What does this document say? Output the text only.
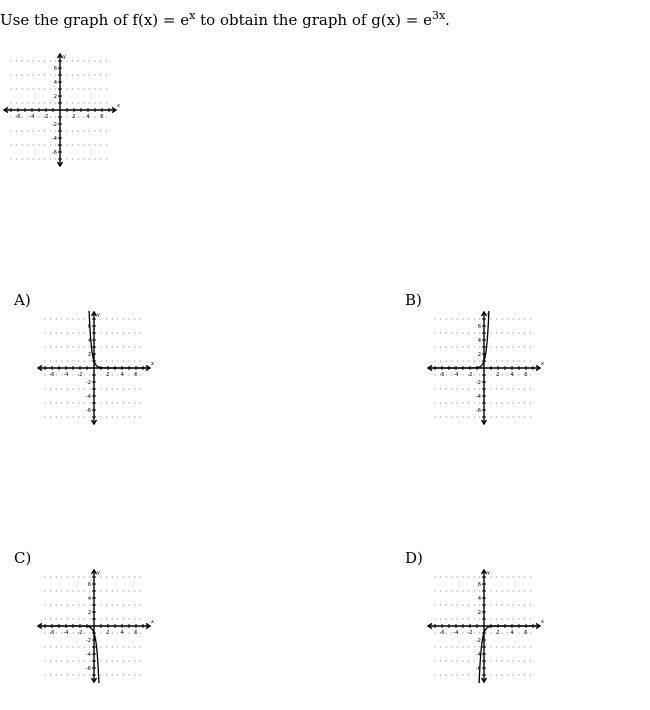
Use the graph of $f(x) = e^x$ to obtain the graph of $g(x) = e^{3x}$.
-6 -4 -2	2 4 6
6
4
2
-2
-4
-6
x
y
A)
-6 -4 -2	2 4 6
6
4
2
-2
-4
-6
x
y
B)
-6 -4 -2	2 4 6
6
4
2
-2
-4
-6
x
y
C)
-6 -4 -2	2 4 6
6
4
2
-2
-4
-6
x
y
D)
-6 -4 -2	2 4 6
6
4
2
-2
-4
-6
x
y
